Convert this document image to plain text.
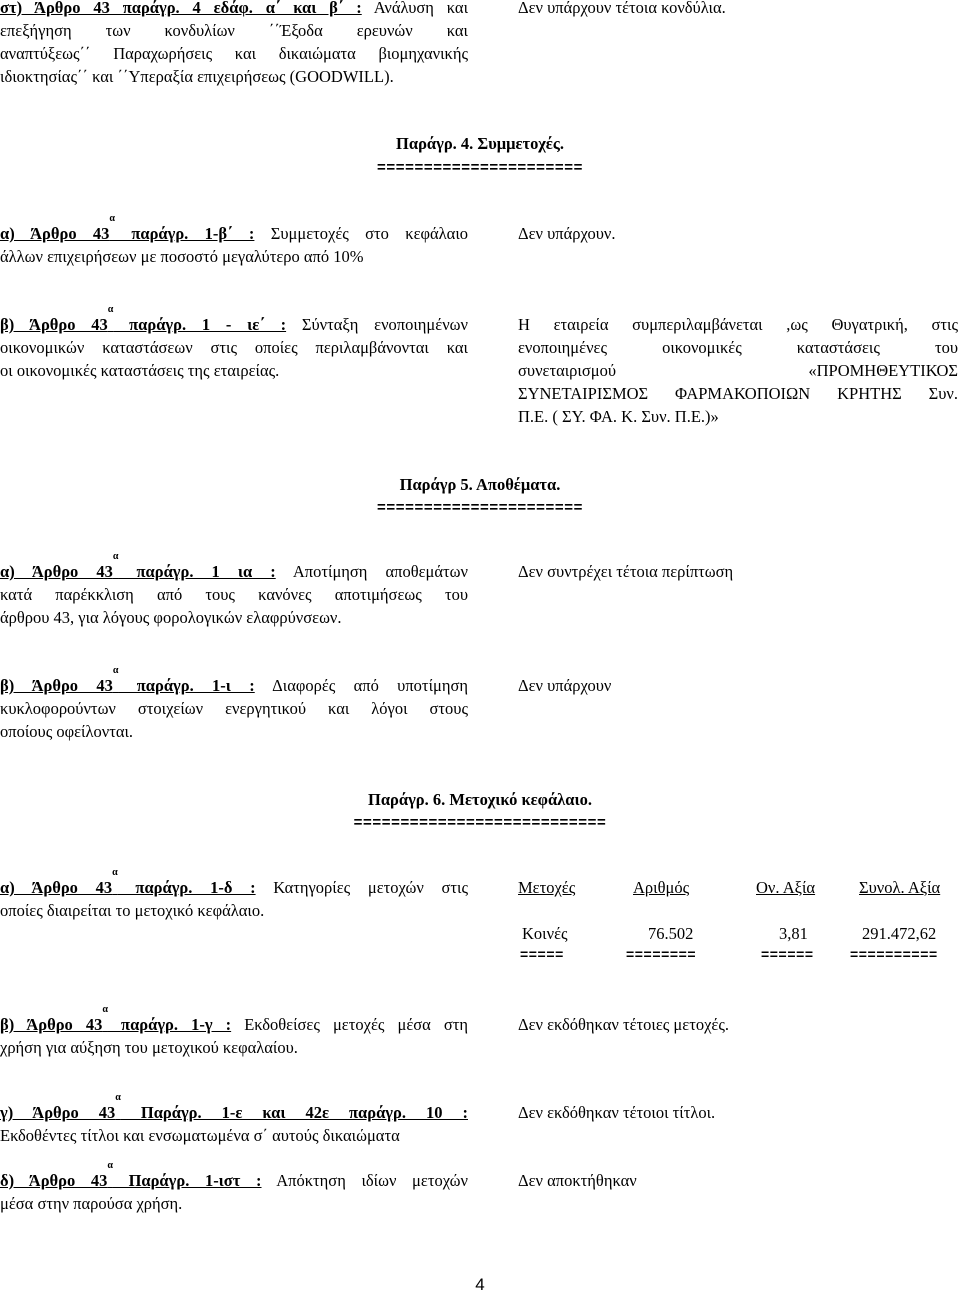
στ) Άρθρο 43 παράγρ. 4 εδάφ. α΄ και β΄ : Ανάλυση και
επεξήγηση των κονδυλίων ΄΄Έξοδα ερευνών και
αναπτύξεως΄΄ Παραχωρήσεις και δικαιώματα βιομηχανικής
ιδιοκτησίας΄΄ και ΄΄Υπεραξία επιχειρήσεως (GOODWILL).
Δεν υπάρχουν τέτοια κονδύλια.
Παράγρ. 4. Συμμετοχές.
======================
α) Άρθρο $43^\alpha$ παράγρ. 1-β΄ : Συμμετοχές στο κεφάλαιο
άλλων επιχειρήσεων με ποσοστό μεγαλύτερο από 10%
Δεν υπάρχουν.
β) Άρθρο $43^\alpha$ παράγρ. 1 - ιε΄ : Σύνταξη ενοποιημένων
οικονομικών καταστάσεων στις οποίες περιλαμβάνονται και
οι οικονομικές καταστάσεις της εταιρείας.
Η εταιρεία συμπεριλαμβάνεται ,ως Θυγατρική, στις
ενοποιημένες οικονομικές καταστάσεις του
συνεταιρισμού «ΠΡΟΜΗΘΕΥΤΙΚΟΣ
ΣΥΝΕΤΑΙΡΙΣΜΟΣ ΦΑΡΜΑΚΟΠΟΙΩΝ ΚΡΗΤΗΣ Συν.
Π.Ε. ( ΣΥ. ΦΑ. Κ. Συν. Π.Ε.)»
Παράγρ 5. Αποθέματα.
======================
α) Άρθρο $43^\alpha$ παράγρ. 1 ια : Αποτίμηση αποθεμάτων
κατά παρέκκλιση από τους κανόνες αποτιμήσεως του
άρθρου 43, για λόγους φορολογικών ελαφρύνσεων.
Δεν συντρέχει τέτοια περίπτωση
β) Άρθρο $43^\alpha$ παράγρ. 1-ι : Διαφορές από υποτίμηση
κυκλοφορούντων στοιχείων ενεργητικού και λόγοι στους
οποίους οφείλονται.
Δεν υπάρχουν
Παράγρ. 6. Μετοχικό κεφάλαιο.
===========================
α) Άρθρο $43^\alpha$ παράγρ. 1-δ : Κατηγορίες μετοχών στις
οποίες διαιρείται το μετοχικό κεφάλαιο.
Μετοχές	Αριθμός	Ον. Αξία	Συνολ. Αξία
Κοινές	76.502	3,81	291.472,62
=====	========	======	==========
β) Άρθρο $43^\alpha$ παράγρ. 1-γ : Εκδοθείσες μετοχές μέσα στη
χρήση για αύξηση του μετοχικού κεφαλαίου.
Δεν εκδόθηκαν τέτοιες μετοχές.
γ) Άρθρο $43^\alpha$ Παράγρ. 1-ε και 42ε παράγρ. 10 :
Εκδοθέντες τίτλοι και ενσωματωμένα σ΄ αυτούς δικαιώματα
Δεν εκδόθηκαν τέτοιοι τίτλοι.
δ) Άρθρο $43^\alpha$ Παράγρ. 1-ιστ : Απόκτηση ιδίων μετοχών
μέσα στην παρούσα χρήση.
Δεν αποκτήθηκαν
4
